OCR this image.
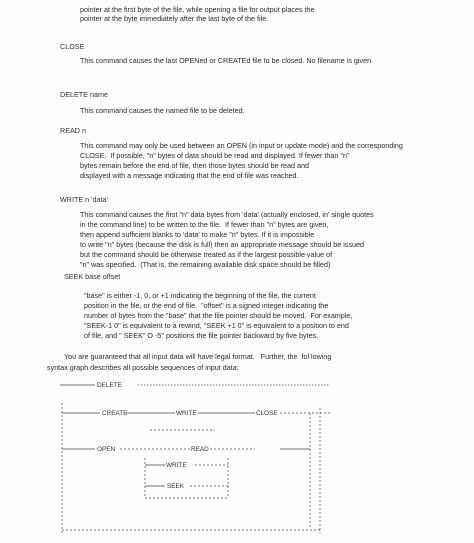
pointer at the first byte of the file, while opening a file for output places the
pointer at the byte immediately after the last byte of the file.
CLOSE
This command causes the last OPENed or CREATEd file to be closed. No filename is given
DELETE name
This command causes the named file to be deleted.
READ n
This command may only be used between an OPEN (in input or update mode) and the corresponding
CLOSE.  If possible, "n" bytes of data should be read and displayed. If fewer than "n"
bytes remain before the end of file, then those bytes should be read and
displayed with a message indicating that the end of file was reached.
WRITE n 'data'
This command causes the first "n" data bytes from 'data' (actually enclosed, in' single quotes
in the command line) to be written to the file.  If fewer than "n" bytes are given,
then append sufficient blanks to 'data' to make "n" bytes. If it is impossible
to write "n" bytes (because the disk is full) then an appropriate message should be issued
but the command should be otherwise treated as if the largest possible value of
"n" was specified.  (That is, the remaining available disk space should be filled)
SEEK base offset
"base" is either -1, 0, or +1 indicating the beginning of the file, the current
position in the file, or the end of file.  "offset" is a signed integer indicating the
number of bytes from the "base" that the file pointer should be moved.  For example,
"SEEK-1 0" is equivalent to a rewind, "SEEK +1 0" is equivalent to a position to end
of file, and " SEEK" O -5" positions the file pointer backward by five bytes.
You are guaranteed that all input data will have legal format.   Further, the  fol lowing
syntax graph describes all possible sequences of input data:
DELETE
CREATE	WRITE	CLOSE
OPEN	READ
WRITE
SEEK
